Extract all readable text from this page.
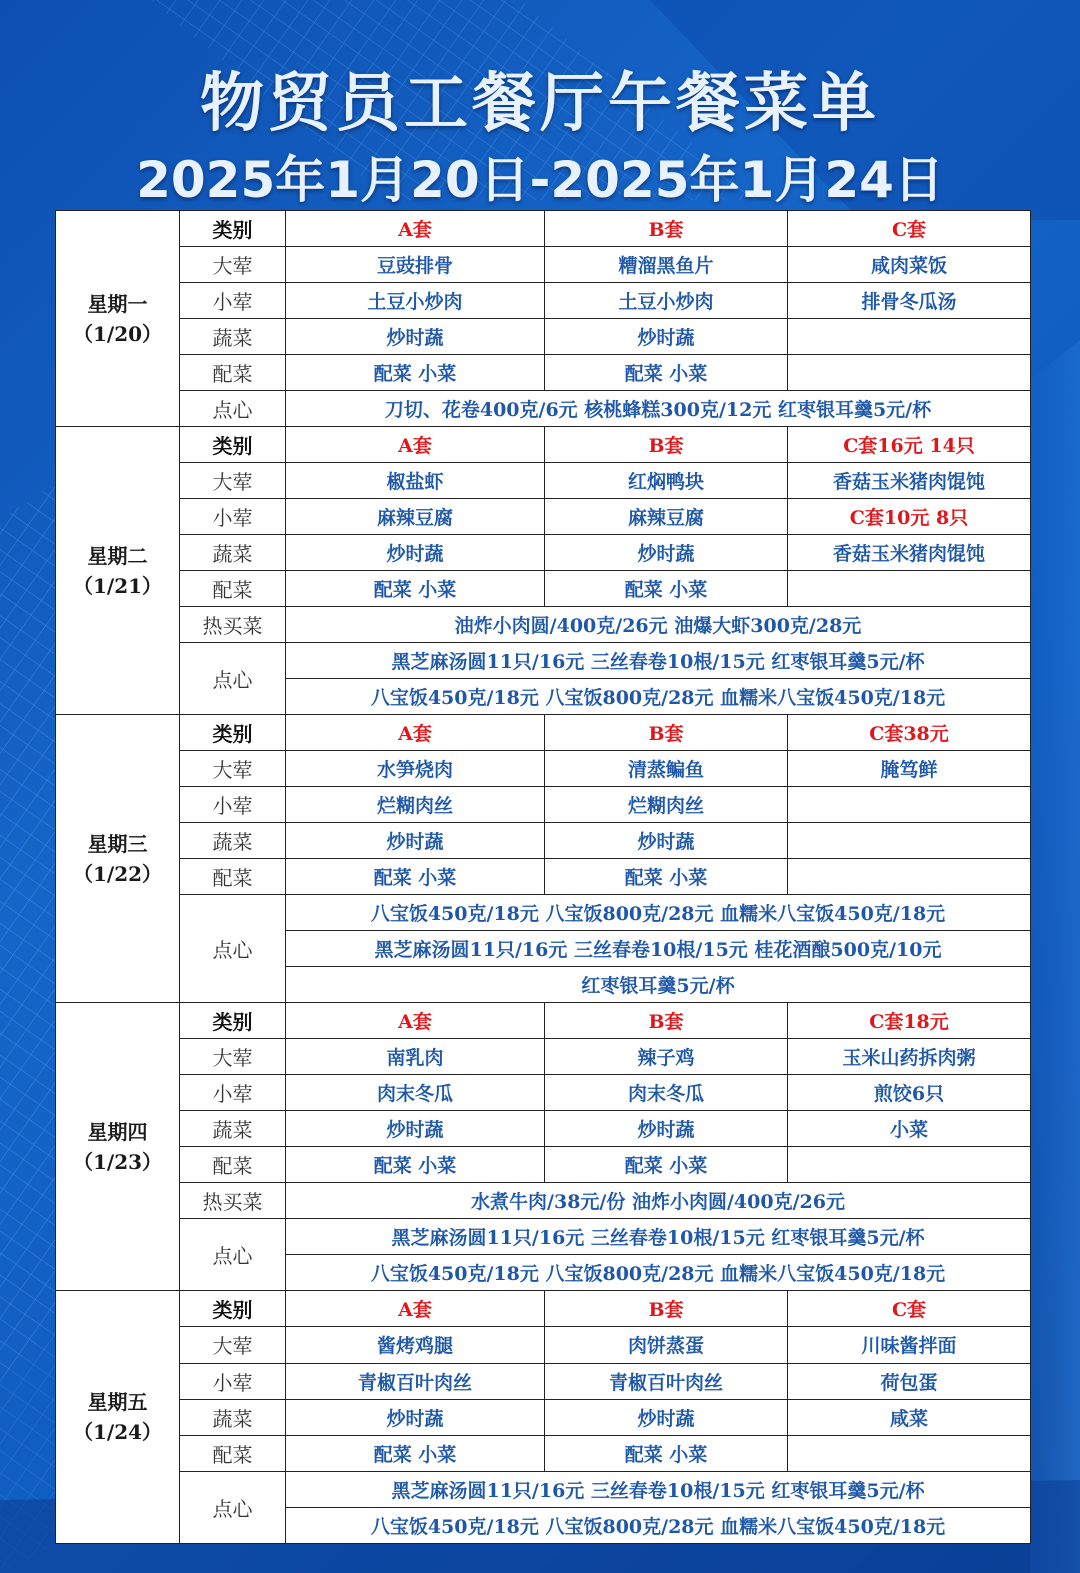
物贸员工餐厅午餐菜单
2025年1月20日-2025年1月24日
星期一
（1/20）	类别	A套	B套	C套
	大荤	豆豉排骨	糟溜黑鱼片	咸肉菜饭
	小荤	土豆小炒肉	土豆小炒肉	排骨冬瓜汤
	蔬菜	炒时蔬	炒时蔬	
	配菜	配菜 小菜	配菜 小菜	
	点心	刀切、花卷400克/6元 核桃蜂糕300克/12元 红枣银耳羹5元/杯		

星期二
（1/21）	类别	A套	B套	C套16元 14只
	大荤	椒盐虾	红焖鸭块	香菇玉米猪肉馄饨
	小荤	麻辣豆腐	麻辣豆腐	C套10元 8只
	蔬菜	炒时蔬	炒时蔬	香菇玉米猪肉馄饨
	配菜	配菜 小菜	配菜 小菜	
	热买菜	油炸小肉圆/400克/26元 油爆大虾300克/28元		
	点心	黑芝麻汤圆11只/16元 三丝春卷10根/15元 红枣银耳羹5元/杯		
		八宝饭450克/18元 八宝饭800克/28元 血糯米八宝饭450克/18元		

星期三
（1/22）	类别	A套	B套	C套38元
	大荤	水笋烧肉	清蒸鳊鱼	腌笃鲜
	小荤	烂糊肉丝	烂糊肉丝	
	蔬菜	炒时蔬	炒时蔬	
	配菜	配菜 小菜	配菜 小菜	
	点心	八宝饭450克/18元 八宝饭800克/28元 血糯米八宝饭450克/18元		
		黑芝麻汤圆11只/16元 三丝春卷10根/15元 桂花酒酿500克/10元		
		红枣银耳羹5元/杯		

星期四
（1/23）	类别	A套	B套	C套18元
	大荤	南乳肉	辣子鸡	玉米山药拆肉粥
	小荤	肉末冬瓜	肉末冬瓜	煎饺6只
	蔬菜	炒时蔬	炒时蔬	小菜
	配菜	配菜 小菜	配菜 小菜	
	热买菜	水煮牛肉/38元/份 油炸小肉圆/400克/26元		
	点心	黑芝麻汤圆11只/16元 三丝春卷10根/15元 红枣银耳羹5元/杯		
		八宝饭450克/18元 八宝饭800克/28元 血糯米八宝饭450克/18元		

星期五
（1/24）	类别	A套	B套	C套
	大荤	酱烤鸡腿	肉饼蒸蛋	川味酱拌面
	小荤	青椒百叶肉丝	青椒百叶肉丝	荷包蛋
	蔬菜	炒时蔬	炒时蔬	咸菜
	配菜	配菜 小菜	配菜 小菜	
	点心	黑芝麻汤圆11只/16元 三丝春卷10根/15元 红枣银耳羹5元/杯		
		八宝饭450克/18元 八宝饭800克/28元 血糯米八宝饭450克/18元		
